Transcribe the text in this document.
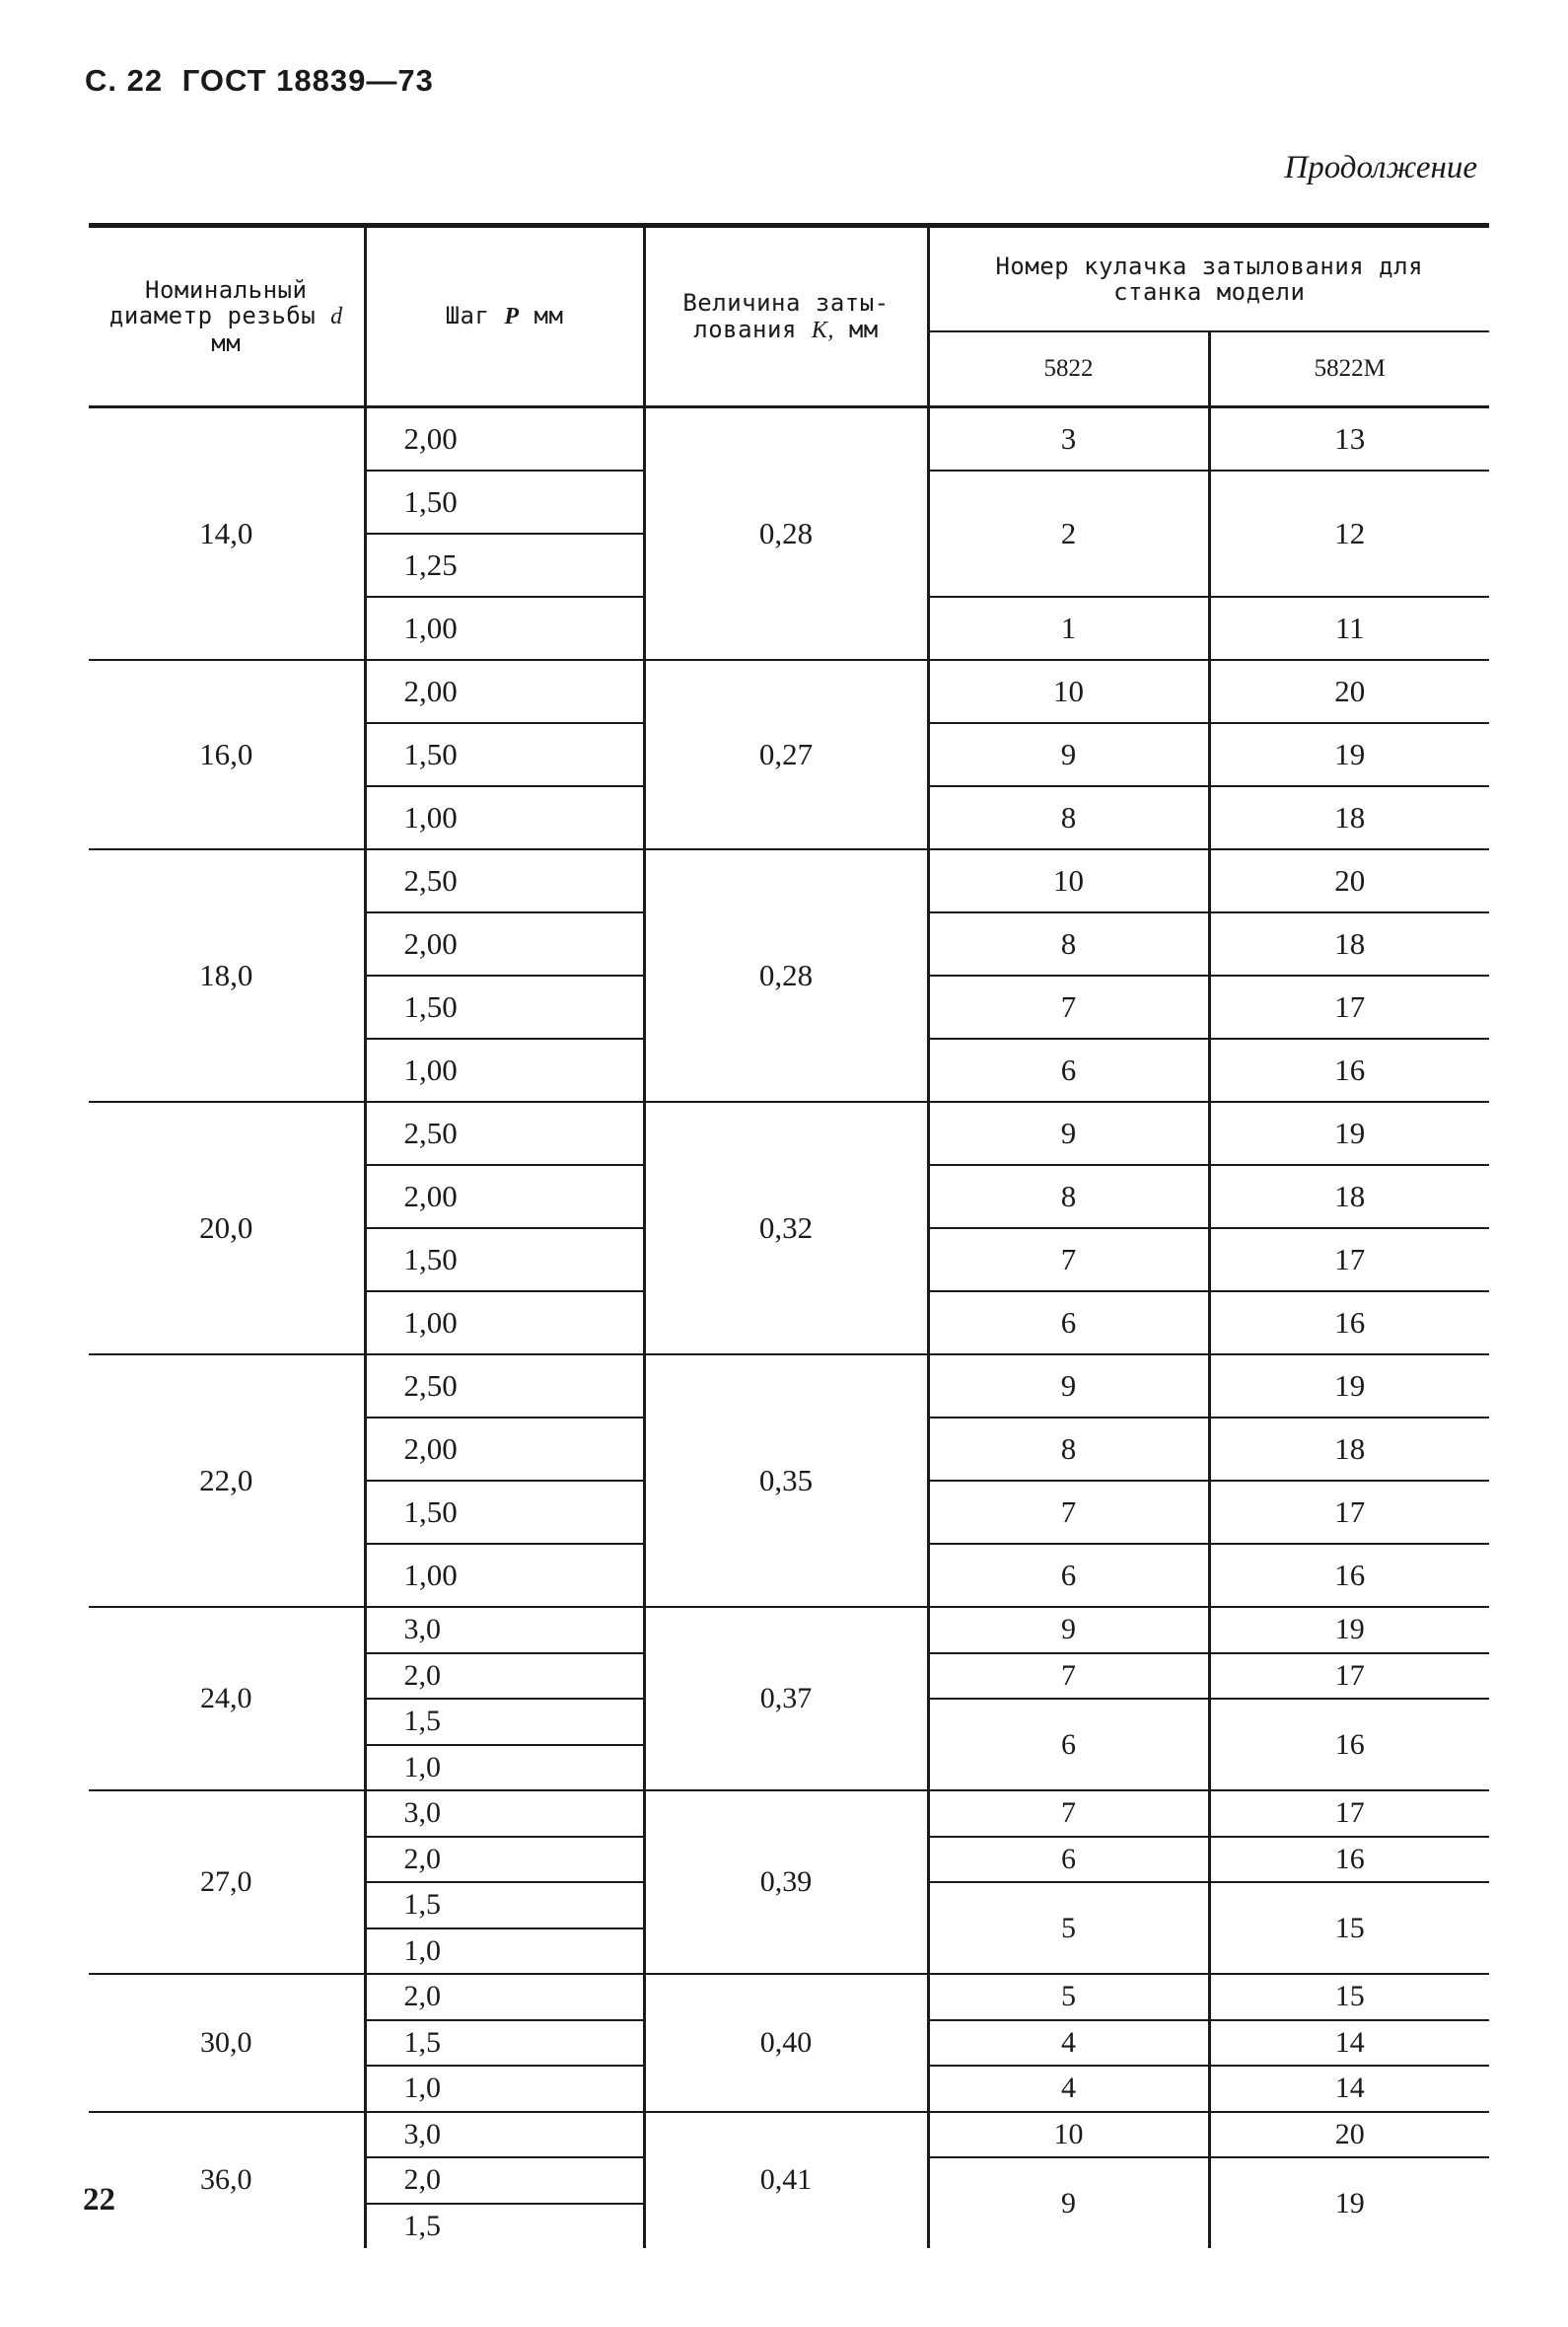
С. 22 ГОСТ 18839—73
Продолжение
Номинальный
диаметр резьбы d
мм	Шаг P мм	Величина заты-
лования K, мм	Номер кулачка затылования для
станка модели	
			5822	5822М
14,0	2,00	0,28	3	13
	1,50		2	12
	1,25			
	1,00		1	11
16,0	2,00	0,27	10	20
	1,50		9	19
	1,00		8	18
18,0	2,50	0,28	10	20
	2,00		8	18
	1,50		7	17
	1,00		6	16
20,0	2,50	0,32	9	19
	2,00		8	18
	1,50		7	17
	1,00		6	16
22,0	2,50	0,35	9	19
	2,00		8	18
	1,50		7	17
	1,00		6	16
24,0	3,0	0,37	9	19
	2,0		7	17
	1,5		6	16
	1,0			
27,0	3,0	0,39	7	17
	2,0		6	16
	1,5		5	15
	1,0			
30,0	2,0	0,40	5	15
	1,5		4	14
	1,0		4	14
36,0	3,0	0,41	10	20
	2,0		9	19
	1,5			
22
